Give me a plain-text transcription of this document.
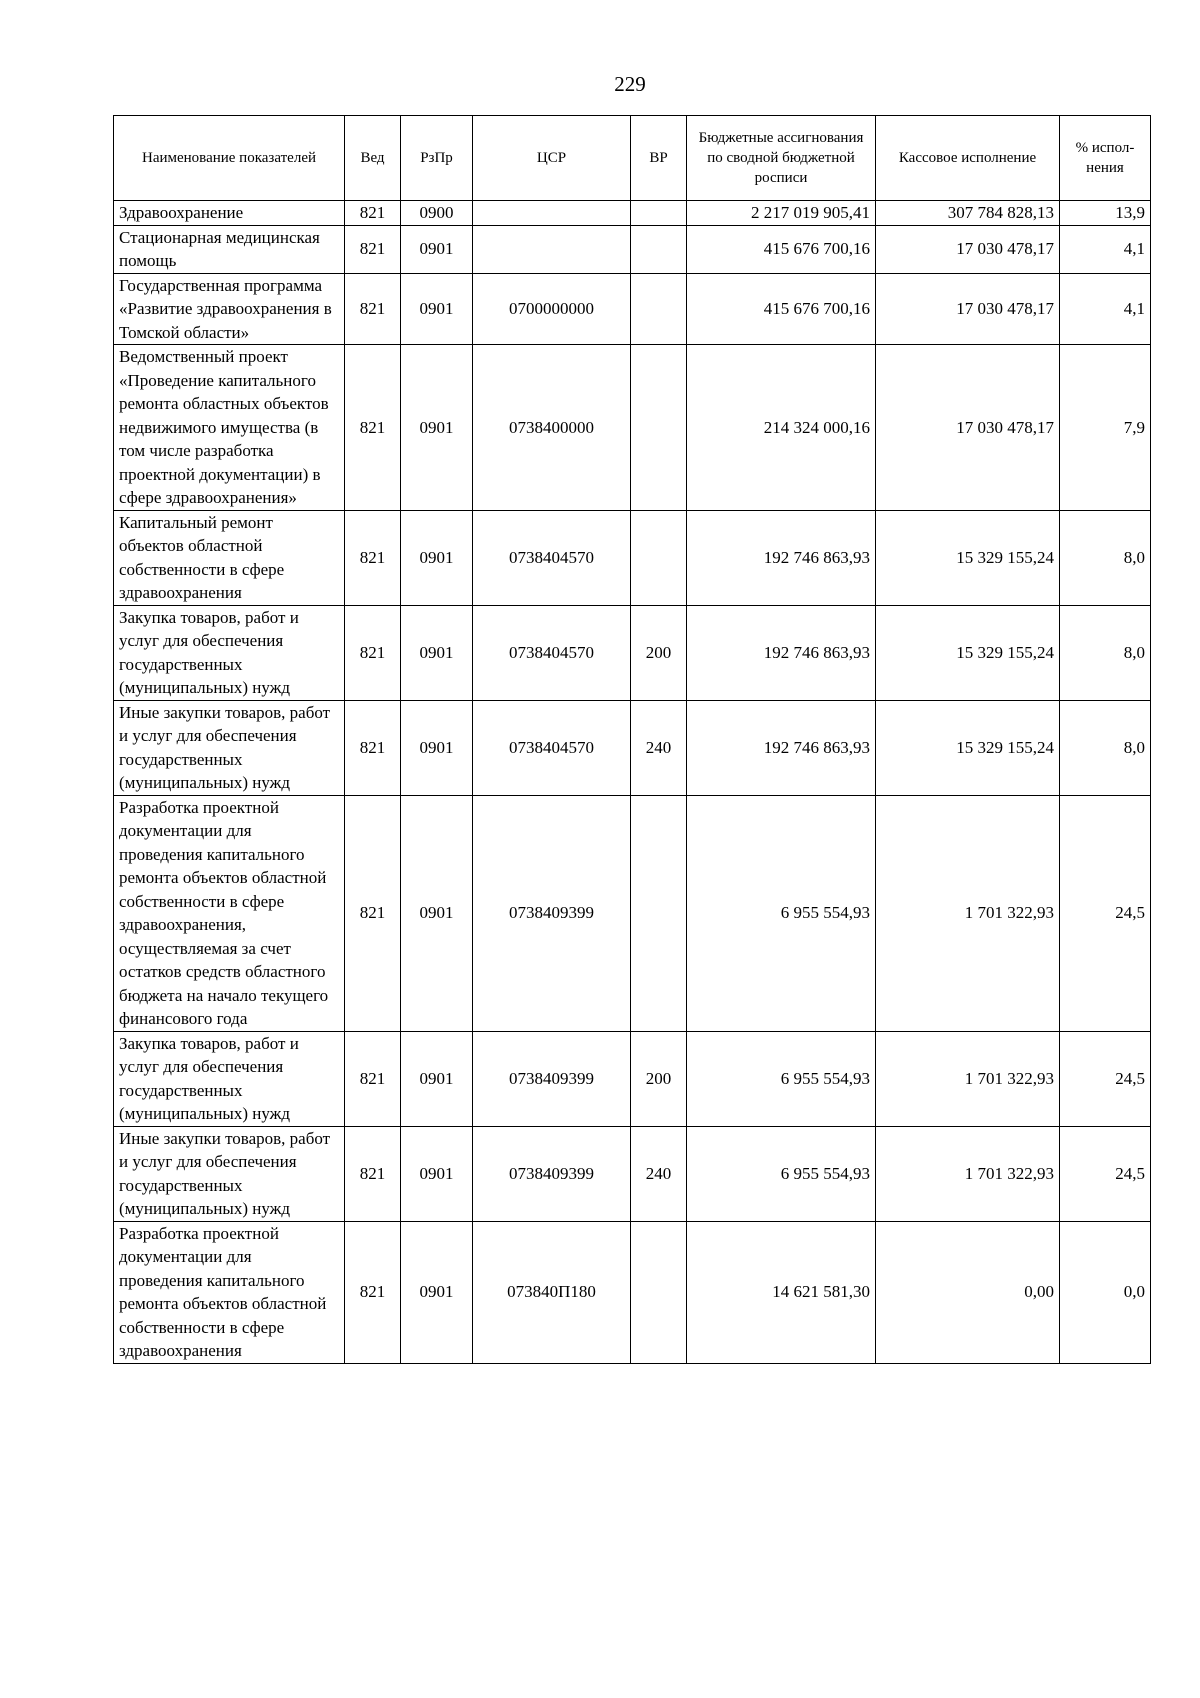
229
Наименование показателей	Вед	РзПр	ЦСР	ВР	Бюджетные ассигнования по сводной бюджетной росписи	Кассовое исполнение	% испол-нения
Здравоохранение	821	0900			2 217 019 905,41	307 784 828,13	13,9
Стационарная медицинская помощь	821	0901			415 676 700,16	17 030 478,17	4,1
Государственная программа «Развитие здравоохранения в Томской области»	821	0901	0700000000		415 676 700,16	17 030 478,17	4,1
Ведомственный проект «Проведение капитального ремонта областных объектов недвижимого имущества (в том числе разработка проектной документации) в сфере здравоохранения»	821	0901	0738400000		214 324 000,16	17 030 478,17	7,9
Капитальный ремонт объектов областной собственности в сфере здравоохранения	821	0901	0738404570		192 746 863,93	15 329 155,24	8,0
Закупка товаров, работ и услуг для обеспечения государственных (муниципальных) нужд	821	0901	0738404570	200	192 746 863,93	15 329 155,24	8,0
Иные закупки товаров, работ и услуг для обеспечения государственных (муниципальных) нужд	821	0901	0738404570	240	192 746 863,93	15 329 155,24	8,0
Разработка проектной документации для проведения капитального ремонта объектов областной собственности в сфере здравоохранения, осуществляемая за счет остатков средств областного бюджета на начало текущего финансового года	821	0901	0738409399		6 955 554,93	1 701 322,93	24,5
Закупка товаров, работ и услуг для обеспечения государственных (муниципальных) нужд	821	0901	0738409399	200	6 955 554,93	1 701 322,93	24,5
Иные закупки товаров, работ и услуг для обеспечения государственных (муниципальных) нужд	821	0901	0738409399	240	6 955 554,93	1 701 322,93	24,5
Разработка проектной документации для проведения капитального ремонта объектов областной собственности в сфере здравоохранения	821	0901	073840П180		14 621 581,30	0,00	0,0
